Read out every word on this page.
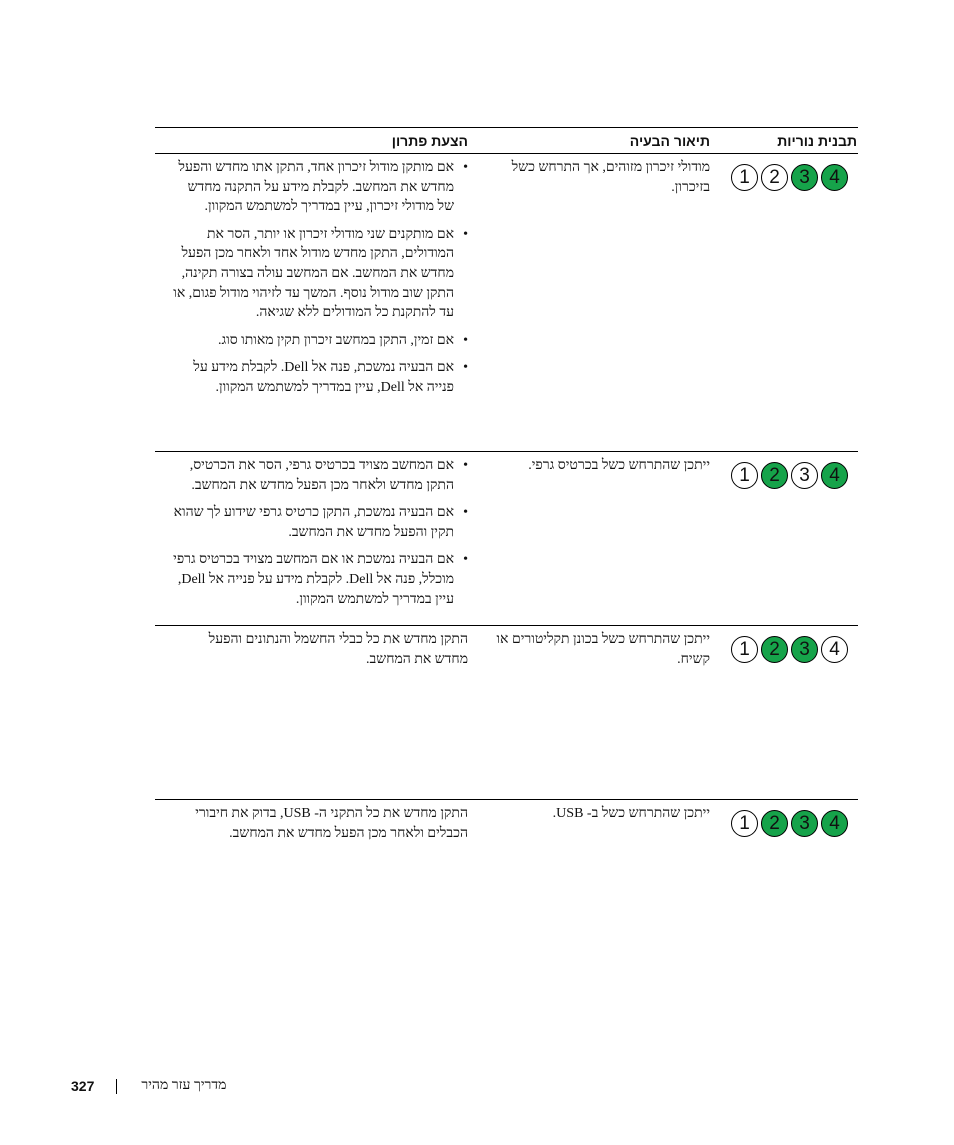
תבנית נוריות
תיאור הבעיה
הצעת פתרון
1	2	3	4
מודולי זיכרון מזוהים, אך התרחש כשל בזיכרון.
• אם מותקן מודול זיכרון אחד, התקן אתו מחדש והפעל מחדש את המחשב. לקבלת מידע על התקנה מחדש של מודולי זיכרון, עיין במדריך למשתמש המקוון.
• אם מותקנים שני מודולי זיכרון או יותר, הסר את המודולים, התקן מחדש מודול אחד ולאחר מכן הפעל מחדש את המחשב. אם המחשב עולה בצורה תקינה, התקן שוב מודול נוסף. המשך עד לזיהוי מודול פגום, או עד להתקנת כל המודולים ללא שגיאה.
• אם זמין, התקן במחשב זיכרון תקין מאותו סוג.
• אם הבעיה נמשכת, פנה אל Dell. לקבלת מידע על פנייה אל Dell, עיין במדריך למשתמש המקוון.
1	2	3	4
ייתכן שהתרחש כשל בכרטיס גרפי.
• אם המחשב מצויד בכרטיס גרפי, הסר את הכרטיס, התקן מחדש ולאחר מכן הפעל מחדש את המחשב.
• אם הבעיה נמשכת, התקן כרטיס גרפי שידוע לך שהוא תקין והפעל מחדש את המחשב.
• אם הבעיה נמשכת או אם המחשב מצויד בכרטיס גרפי מוכלל, פנה אל Dell. לקבלת מידע על פנייה אל Dell, עיין במדריך למשתמש המקוון.
1	2	3	4
ייתכן שהתרחש כשל בכונן תקליטורים או קשיח.
התקן מחדש את כל כבלי החשמל והנתונים והפעל מחדש את המחשב.
1	2	3	4
ייתכן שהתרחש כשל ב- USB.
התקן מחדש את כל התקני ה- USB, בדוק את חיבורי הכבלים ולאחר מכן הפעל מחדש את המחשב.
327	מדריך עזר מהיר
